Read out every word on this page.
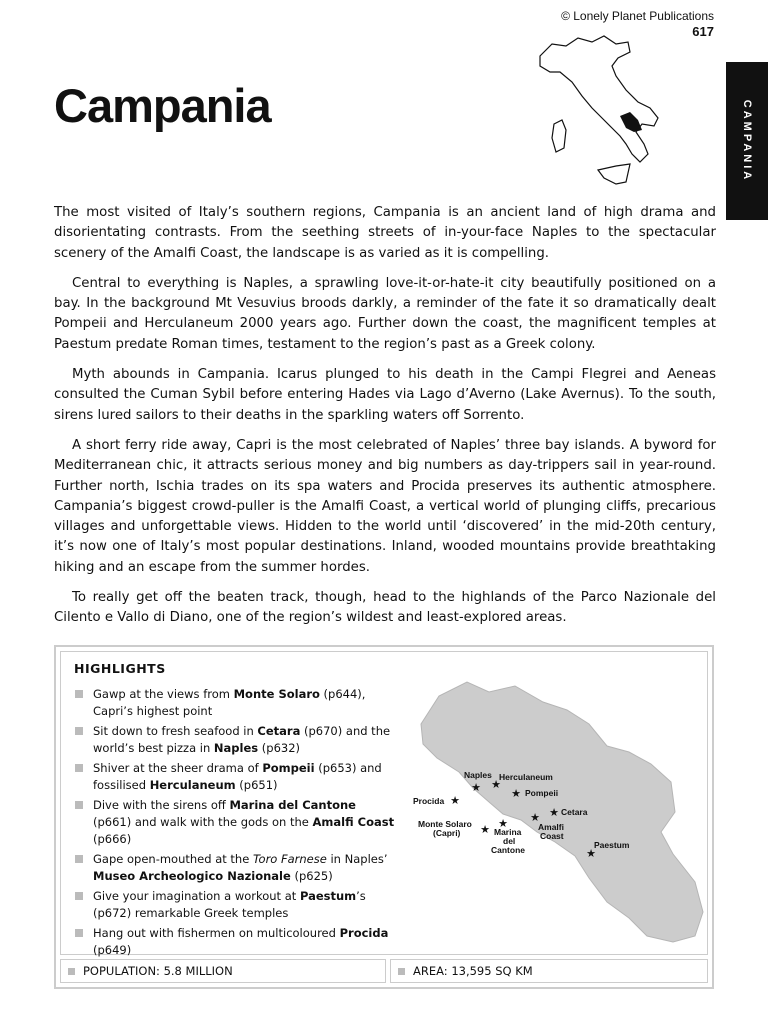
© Lonely Planet Publications
617
CAMPANIA
Campania

The most visited of Italy’s southern regions, Campania is an ancient land of high drama and disorientating contrasts. From the seething streets of in-your-face Naples to the spectacular scenery of the Amalfi Coast, the landscape is as varied as it is compelling.

Central to everything is Naples, a sprawling love-it-or-hate-it city beautifully positioned on a bay. In the background Mt Vesuvius broods darkly, a reminder of the fate it so dramatically dealt Pompeii and Herculaneum 2000 years ago. Further down the coast, the magnificent temples at Paestum predate Roman times, testament to the region’s past as a Greek colony.

Myth abounds in Campania. Icarus plunged to his death in the Campi Flegrei and Aeneas consulted the Cuman Sybil before entering Hades via Lago d’Averno (Lake Avernus). To the south, sirens lured sailors to their deaths in the sparkling waters off Sorrento.

A short ferry ride away, Capri is the most celebrated of Naples’ three bay islands. A byword for Mediterranean chic, it attracts serious money and big numbers as day-trippers sail in year-round. Further north, Ischia trades on its spa waters and Procida preserves its authentic atmosphere. Campania’s biggest crowd-puller is the Amalfi Coast, a vertical world of plunging cliffs, precarious villages and unforgettable views. Hidden to the world until ‘discovered’ in the mid-20th century, it’s now one of Italy’s most popular destinations. Inland, wooded mountains provide breathtaking hiking and an escape from the summer hordes.

To really get off the beaten track, though, head to the highlands of the Parco Nazionale del Cilento e Vallo di Diano, one of the region’s wildest and least-explored areas.

HIGHLIGHTS
Gawp at the views from Monte Solaro (p644), Capri’s highest point
Sit down to fresh seafood in Cetara (p670) and the world’s best pizza in Naples (p632)
Shiver at the sheer drama of Pompeii (p653) and fossilised Herculaneum (p651)
Dive with the sirens off Marina del Cantone (p661) and walk with the gods on the Amalfi Coast (p666)
Gape open-mouthed at the Toro Farnese in Naples’ Museo Archeologico Nazionale (p625)
Give your imagination a workout at Paestum’s (p672) remarkable Greek temples
Hang out with fishermen on multicoloured Procida (p649)
Naples
★
Herculaneum
★
Procida ★
Pompeii
★
Cetara
★
Monte Solaro
(Capri) ★ ★
Marina
del
Cantone
★
Amalfi
Coast
Paestum
★
POPULATION: 5.8 MILLION	AREA: 13,595 SQ KM
